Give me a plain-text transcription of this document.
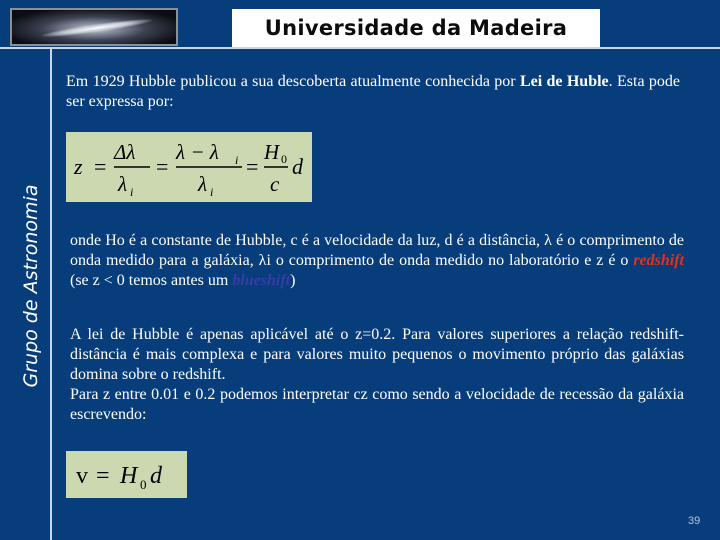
Universidade da Madeira
Grupo de Astronomia
Em 1929 Hubble publicou a sua descoberta atualmente conhecida por Lei de Huble. Esta pode ser expressa por:
z =
Δλ
λ i
=
λ − λ i
λ i
=
H 0
c
d
onde Ho é a constante de Hubble, c é a velocidade da luz, d é a distância, λ é o comprimento de onda medido para a galáxia, λi o comprimento de onda medido no laboratório e z é o redshift (se z < 0 temos antes um blueshift)
A lei de Hubble é apenas aplicável até o z=0.2. Para valores superiores a relação redshift-distância é mais complexa e para valores muito pequenos o movimento próprio das galáxias domina sobre o redshift.
Para z entre 0.01 e 0.2 podemos interpretar cz como sendo a velocidade de recessão da galáxia escrevendo:
v = H 0 d
39
